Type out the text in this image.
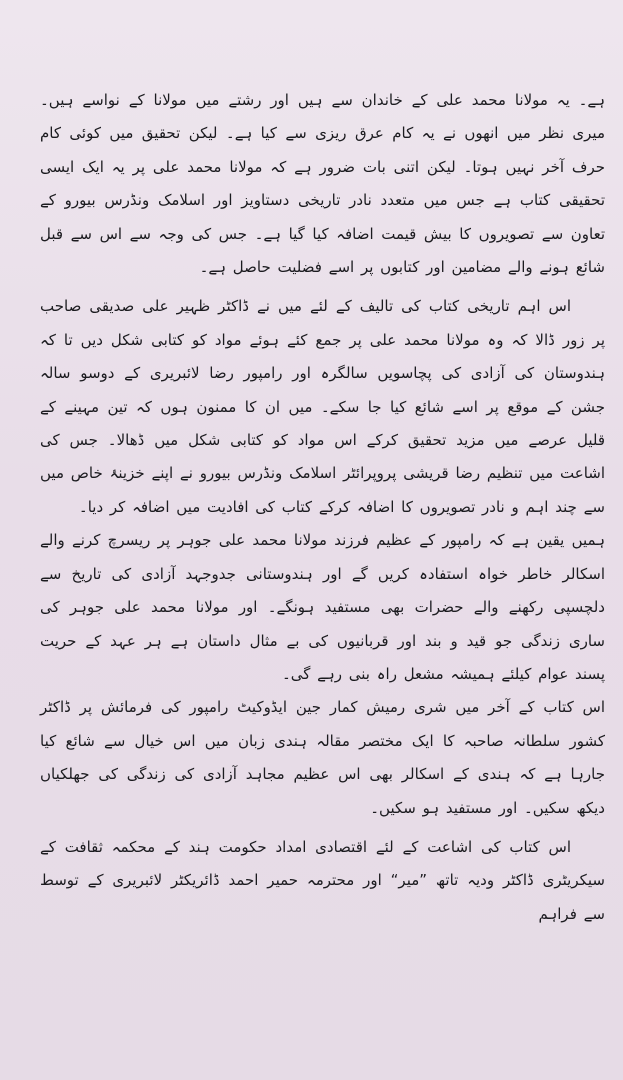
ہے۔ یہ مولانا محمد علی کے خاندان سے ہیں اور رشتے میں مولانا کے نواسے ہیں۔ میری نظر میں انھوں نے یہ کام عرق ریزی سے کیا ہے۔ لیکن تحقیق میں کوئی کام حرف آخر نہیں ہوتا۔ لیکن اتنی بات ضرور ہے کہ مولانا محمد علی پر یہ ایک ایسی تحقیقی کتاب ہے جس میں متعدد نادر تاریخی دستاویز اور اسلامک ونڈرس بیورو کے تعاون سے تصویروں کا بیش قیمت اضافہ کیا گیا ہے۔ جس کی وجہ سے اس سے قبل شائع ہونے والے مضامین اور کتابوں پر اسے فضلیت حاصل ہے۔

اس اہم تاریخی کتاب کی تالیف کے لئے میں نے ڈاکٹر ظہیر علی صدیقی صاحب پر زور ڈالا کہ وہ مولانا محمد علی پر جمع کئے ہوئے مواد کو کتابی شکل دیں تا کہ ہندوستان کی آزادی کی پچاسویں سالگرہ اور رامپور رضا لائبریری کے دوسو سالہ جشن کے موقع پر اسے شائع کیا جا سکے۔ میں ان کا ممنون ہوں کہ تین مہینے کے قلیل عرصے میں مزید تحقیق کرکے اس مواد کو کتابی شکل میں ڈھالا۔ جس کی اشاعت میں تنظیم رضا قریشی پروپرائٹر اسلامک ونڈرس بیورو نے اپنے خزینۂ خاص میں سے چند اہم و نادر تصویروں کا اضافہ کرکے کتاب کی افادیت میں اضافہ کر دیا۔

ہمیں یقین ہے کہ رامپور کے عظیم فرزند مولانا محمد علی جوہر پر ریسرچ کرنے والے اسکالر خاطر خواہ استفادہ کریں گے اور ہندوستانی جدوجہد آزادی کی تاریخ سے دلچسپی رکھنے والے حضرات بھی مستفید ہونگے۔ اور مولانا محمد علی جوہر کی ساری زندگی جو قید و بند اور قربانیوں کی بے مثال داستان ہے ہر عہد کے حریت پسند عوام کیلئے ہمیشہ مشعل راہ بنی رہے گی۔

اس کتاب کے آخر میں شری رمیش کمار جین ایڈوکیٹ رامپور کی فرمائش پر ڈاکٹر کشور سلطانہ صاحبہ کا ایک مختصر مقالہ ہندی زبان میں اس خیال سے شائع کیا جارہا ہے کہ ہندی کے اسکالر بھی اس عظیم مجاہد آزادی کی زندگی کی جھلکیاں دیکھ سکیں۔ اور مستفید ہو سکیں۔

اس کتاب کی اشاعت کے لئے اقتصادی امداد حکومت ہند کے محکمہ ثقافت کے سیکریٹری ڈاکٹر ودیہ تاتھ ”میر“ اور محترمہ حمیر احمد ڈائریکٹر لائبریری کے توسط سے فراہم
